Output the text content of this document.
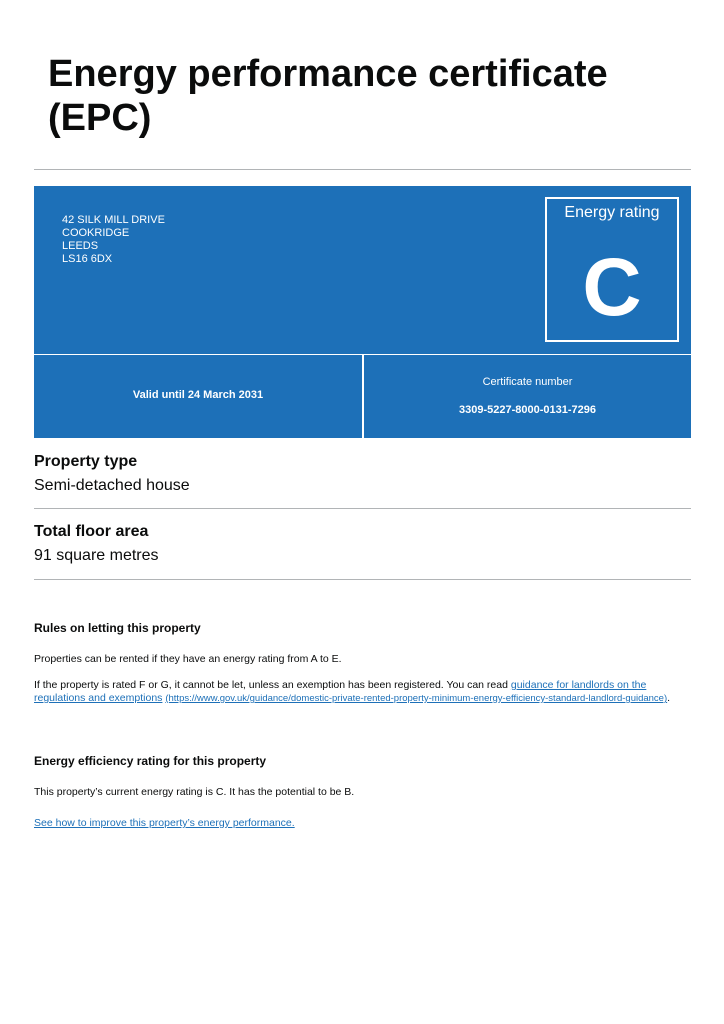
Energy performance certificate (EPC)
42 SILK MILL DRIVE
COOKRIDGE
LEEDS
LS16 6DX
Energy rating
C
Valid until 24 March 2031
Certificate number
3309-5227-8000-0131-7296
Property type
Semi-detached house
Total floor area
91 square metres
Rules on letting this property
Properties can be rented if they have an energy rating from A to E.
If the property is rated F or G, it cannot be let, unless an exemption has been registered. You can read guidance for landlords on the regulations and exemptions (https://www.gov.uk/guidance/domestic-private-rented-property-minimum-energy-efficiency-standard-landlord-guidance).
Energy efficiency rating for this property
This property’s current energy rating is C. It has the potential to be B.
See how to improve this property’s energy performance.
